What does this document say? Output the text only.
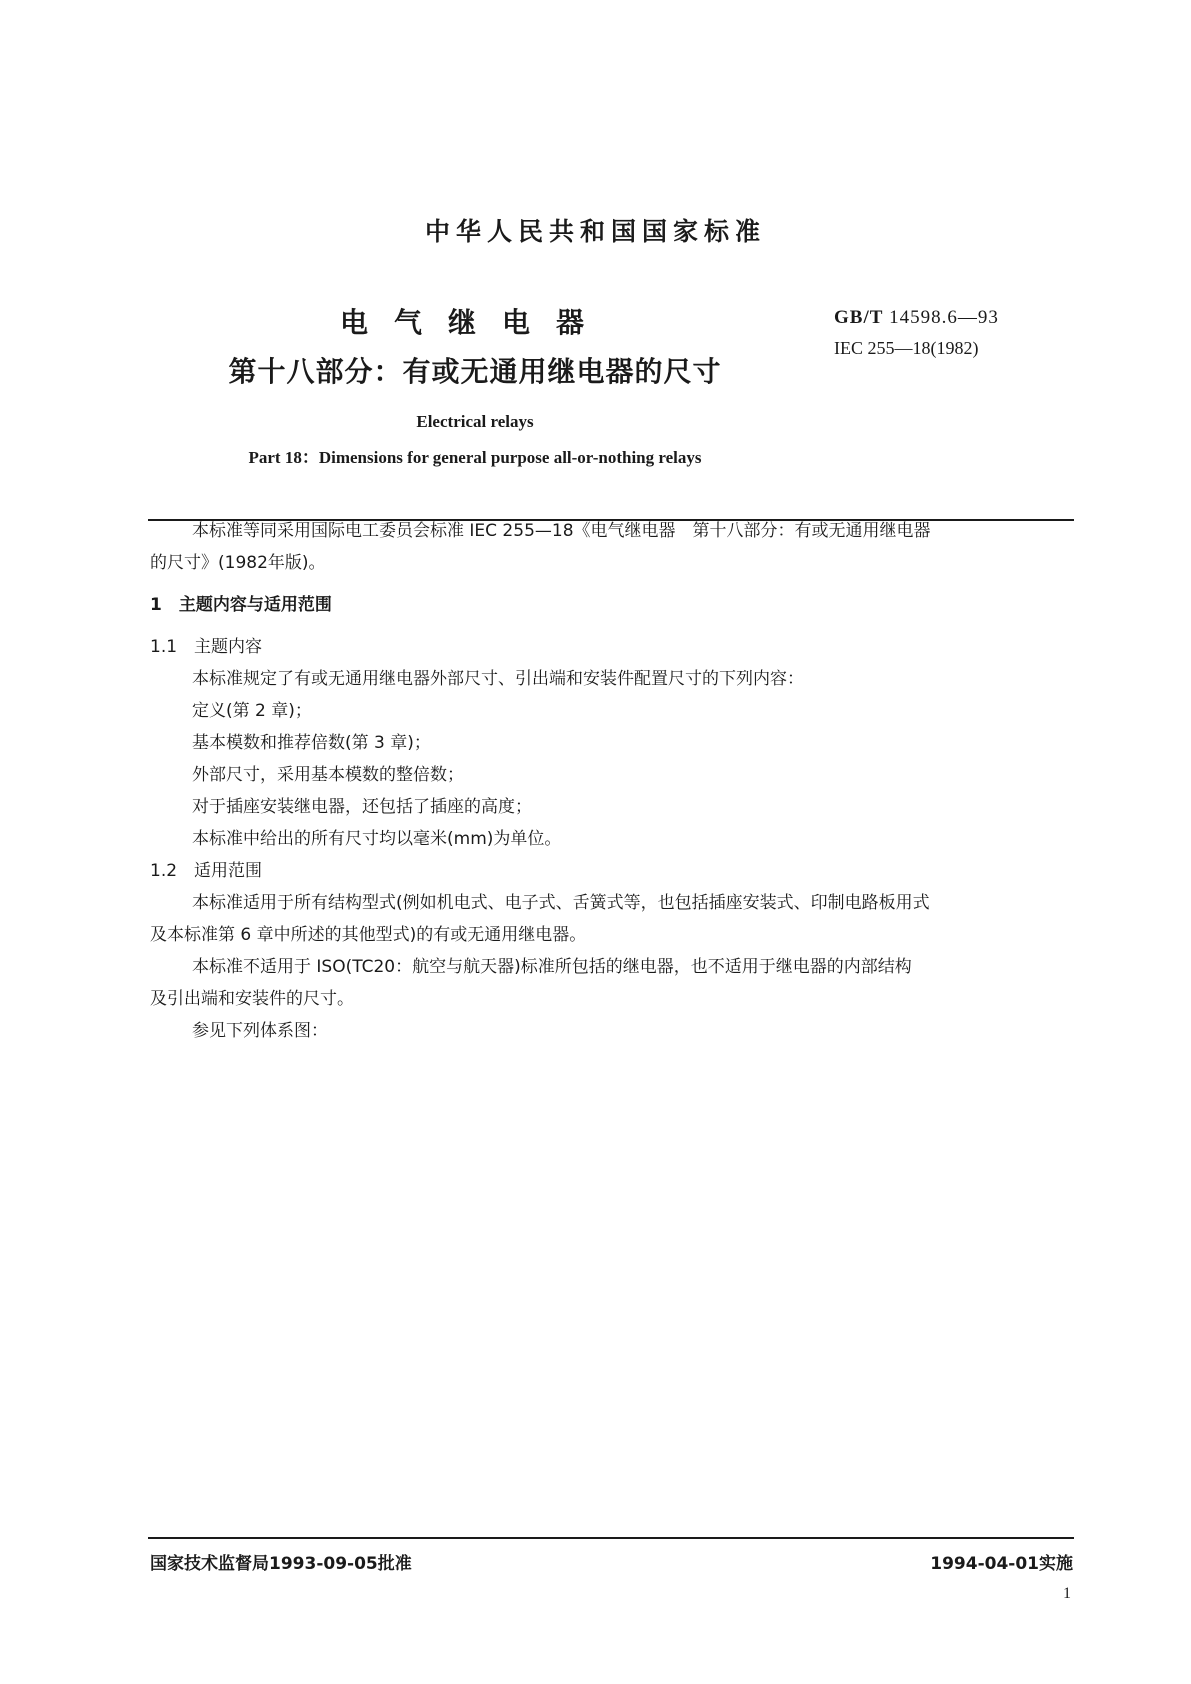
中华人民共和国国家标准
电气继电器
第十八部分：有或无通用继电器的尺寸
GB/T 14598.6—93
IEC 255—18(1982)
Electrical relays
Part 18：Dimensions for general purpose all-or-nothing relays
本标准等同采用国际电工委员会标准 IEC 255—18《电气继电器　第十八部分：有或无通用继电器
的尺寸》(1982年版)。
1　主题内容与适用范围
1.1　主题内容
本标准规定了有或无通用继电器外部尺寸、引出端和安装件配置尺寸的下列内容：
定义(第 2 章)；
基本模数和推荐倍数(第 3 章)；
外部尺寸，采用基本模数的整倍数；
对于插座安装继电器，还包括了插座的高度；
本标准中给出的所有尺寸均以毫米(mm)为单位。
1.2　适用范围
本标准适用于所有结构型式(例如机电式、电子式、舌簧式等，也包括插座安装式、印制电路板用式
及本标准第 6 章中所述的其他型式)的有或无通用继电器。
本标准不适用于 ISO(TC20：航空与航天器)标准所包括的继电器，也不适用于继电器的内部结构
及引出端和安装件的尺寸。
参见下列体系图：
国家技术监督局1993-09-05批准	1994-04-01实施
1
